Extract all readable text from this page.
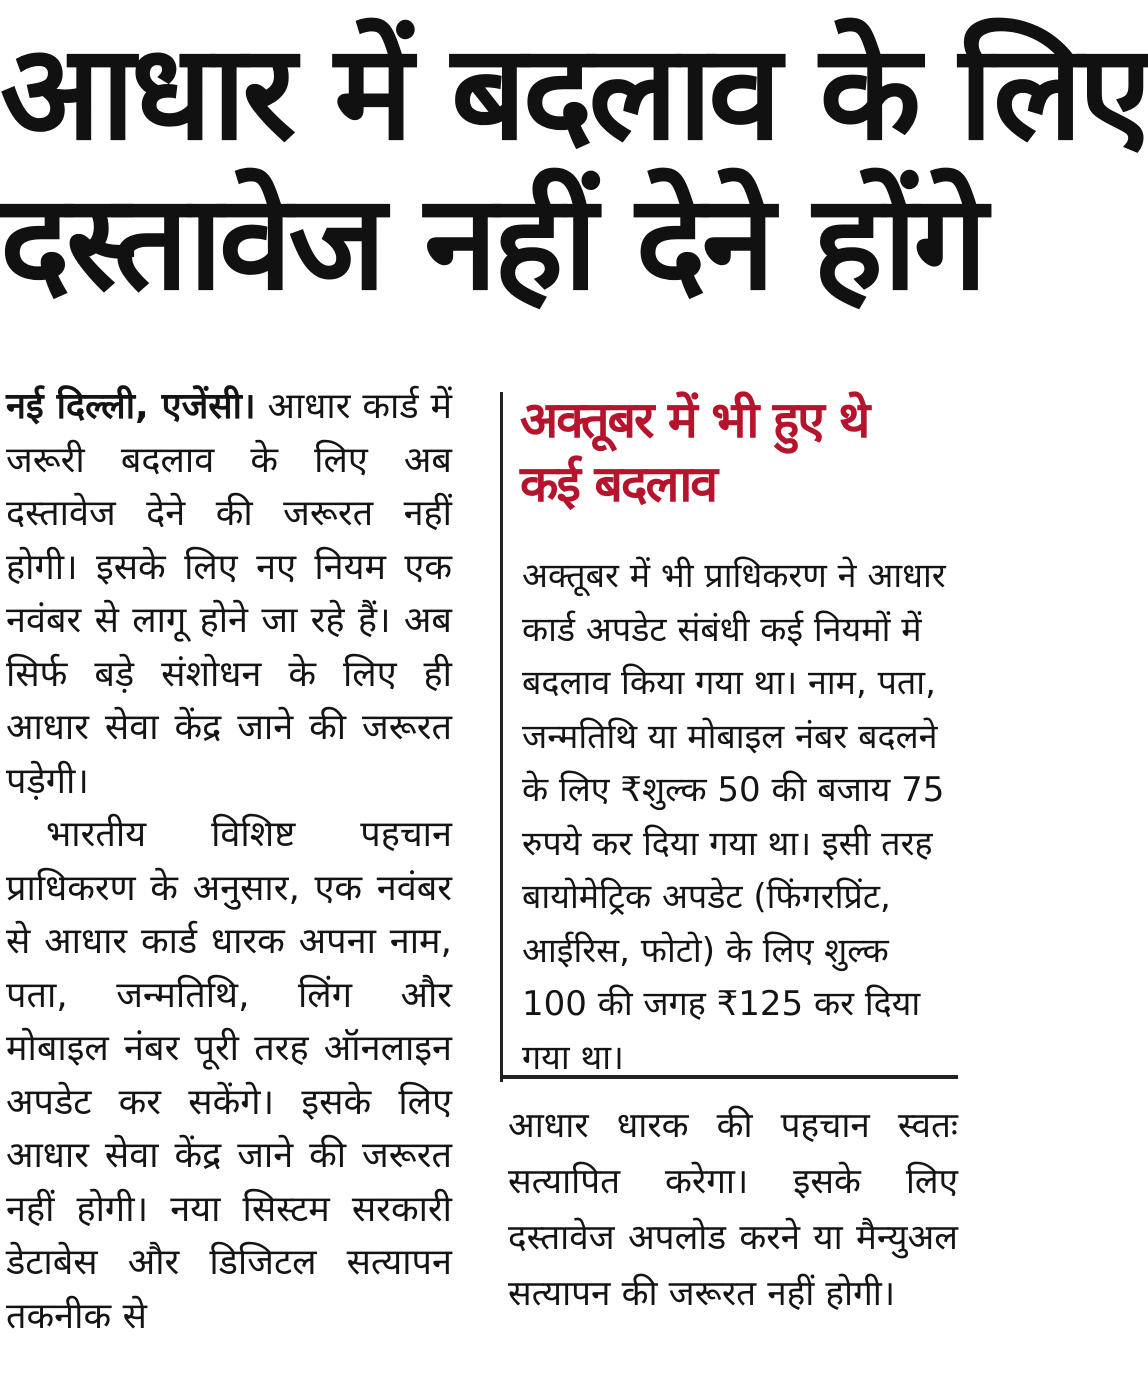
आधार में बदलाव के लिए
दस्तावेज नहीं देने होंगे

नई दिल्ली, एजेंसी। आधार कार्ड में जरूरी बदलाव के लिए अब दस्तावेज देने की जरूरत नहीं होगी। इसके लिए नए नियम एक नवंबर से लागू होने जा रहे हैं। अब सिर्फ बड़े संशोधन के लिए ही आधार सेवा केंद्र जाने की जरूरत पड़ेगी।

भारतीय विशिष्ट पहचान प्राधिकरण के अनुसार, एक नवंबर से आधार कार्ड धारक अपना नाम, पता, जन्मतिथि, लिंग और मोबाइल नंबर पूरी तरह ऑनलाइन अपडेट कर सकेंगे। इसके लिए आधार सेवा केंद्र जाने की जरूरत नहीं होगी। नया सिस्टम सरकारी डेटाबेस और डिजिटल सत्यापन तकनीक से

अक्तूबर में भी हुए थे
कई बदलाव
अक्तूबर में भी प्राधिकरण ने आधार कार्ड अपडेट संबंधी कई नियमों में बदलाव किया गया था। नाम, पता, जन्मतिथि या मोबाइल नंबर बदलने के लिए ₹शुल्क 50 की बजाय 75 रुपये कर दिया गया था। इसी तरह बायोमेट्रिक अपडेट (फिंगरप्रिंट, आईरिस, फोटो) के लिए शुल्क 100 की जगह ₹125 कर दिया गया था।
आधार धारक की पहचान स्वतः सत्यापित करेगा। इसके लिए दस्तावेज अपलोड करने या मैन्युअल सत्यापन की जरूरत नहीं होगी।
